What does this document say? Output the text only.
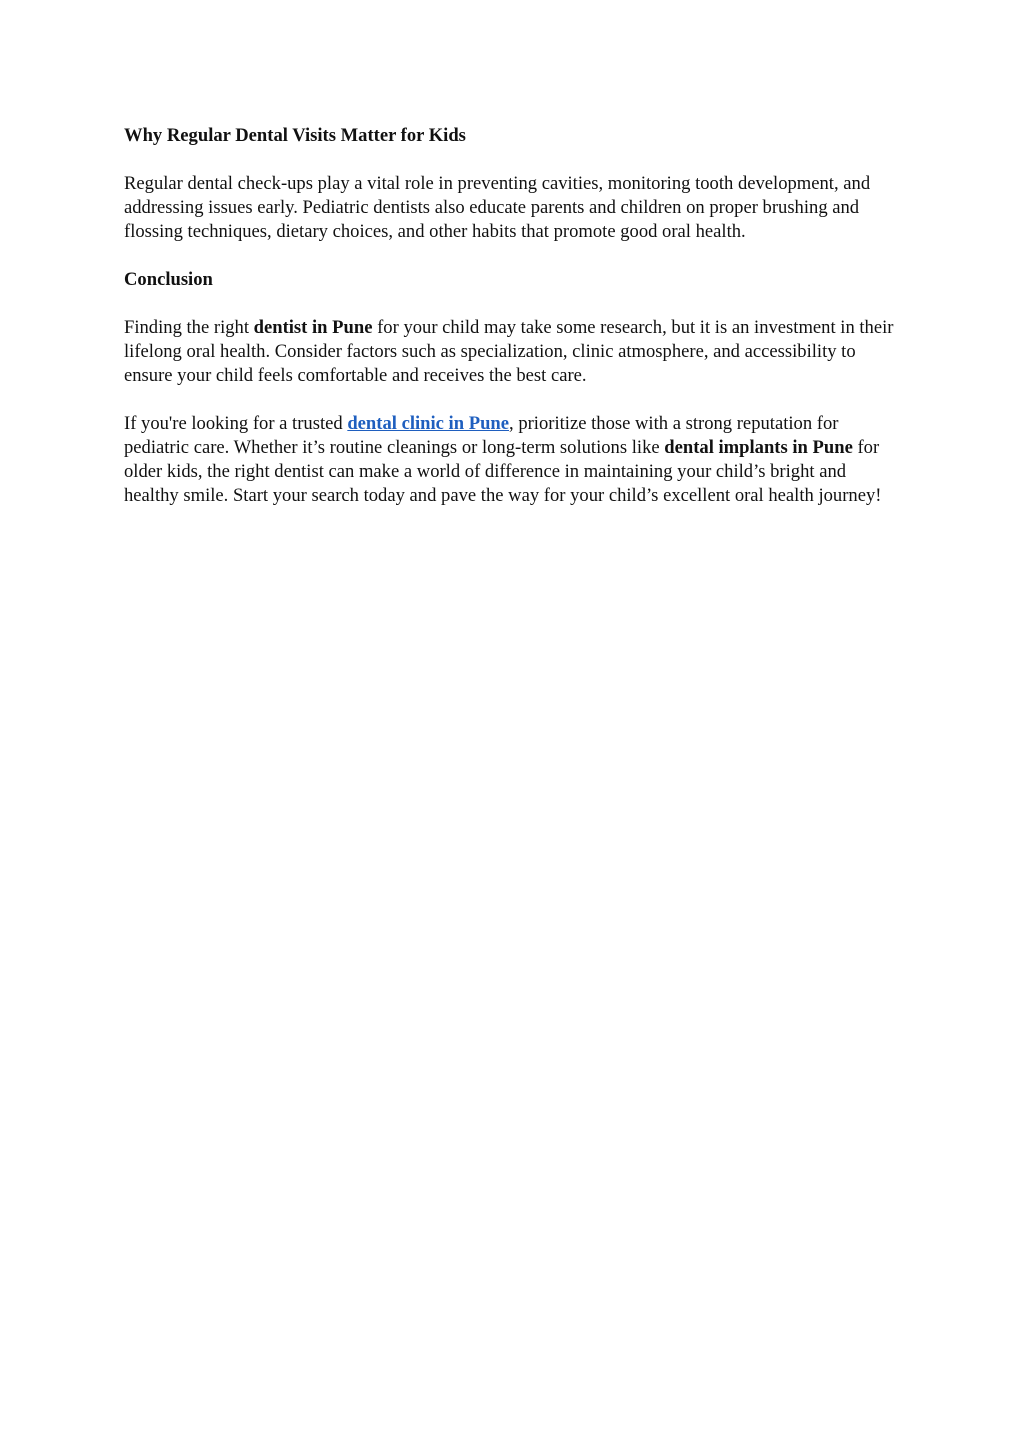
Why Regular Dental Visits Matter for Kids

Regular dental check-ups play a vital role in preventing cavities, monitoring tooth development, and addressing issues early. Pediatric dentists also educate parents and children on proper brushing and flossing techniques, dietary choices, and other habits that promote good oral health.

Conclusion

Finding the right dentist in Pune for your child may take some research, but it is an investment in their lifelong oral health. Consider factors such as specialization, clinic atmosphere, and accessibility to ensure your child feels comfortable and receives the best care.

If you're looking for a trusted dental clinic in Pune, prioritize those with a strong reputation for pediatric care. Whether it’s routine cleanings or long-term solutions like dental implants in Pune for older kids, the right dentist can make a world of difference in maintaining your child’s bright and healthy smile. Start your search today and pave the way for your child’s excellent oral health journey!
